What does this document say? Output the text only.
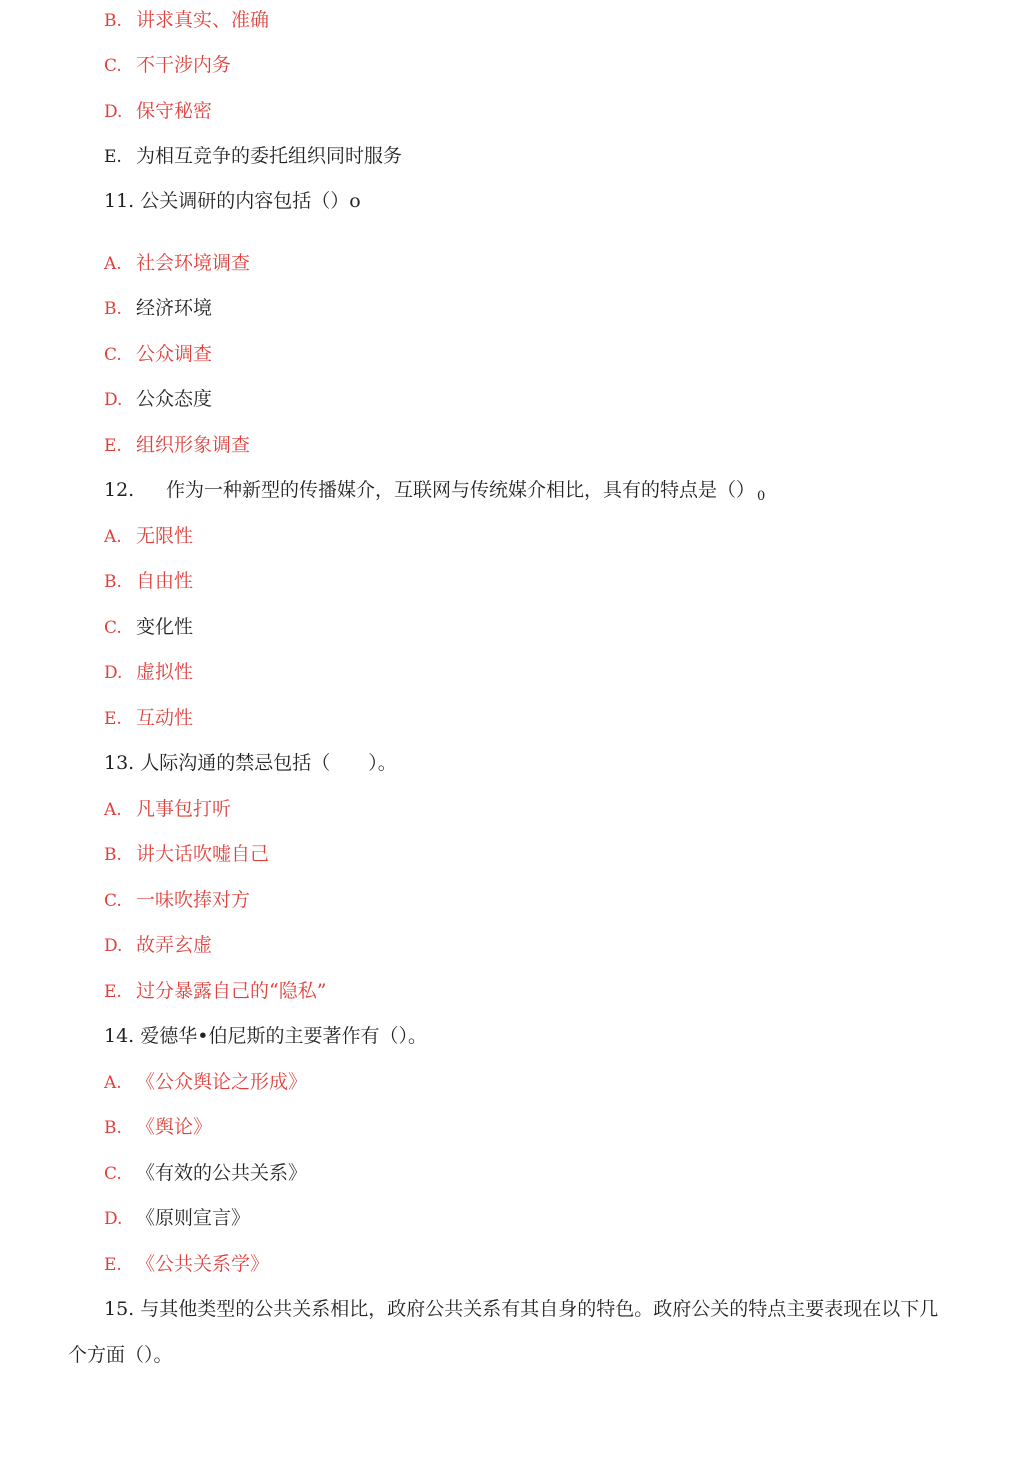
B. 讲求真实、准确
C. 不干涉内务
D. 保守秘密
E. 为相互竞争的委托组织同时服务
11. 公关调研的内容包括（）o
A. 社会环境调查
B. 经济环境
C. 公众调查
D. 公众态度
E. 组织形象调查
12. 作为一种新型的传播媒介，互联网与传统媒介相比，具有的特点是（） $_0$
A. 无限性
B. 自由性
C. 变化性
D. 虚拟性
E. 互动性
13. 人际沟通的禁忌包括（　　）。
A. 凡事包打听
B. 讲大话吹嘘自己
C. 一味吹捧对方
D. 故弄玄虚
E. 过分暴露自己的“隐私”
14. 爱德华•伯尼斯的主要著作有（）。
A. 《公众舆论之形成》
B. 《舆论》
C. 《有效的公共关系》
D. 《原则宣言》
E. 《公共关系学》
15. 与其他类型的公共关系相比，政府公共关系有其自身的特色。政府公关的特点主要表现在以下几
个方面（）。
